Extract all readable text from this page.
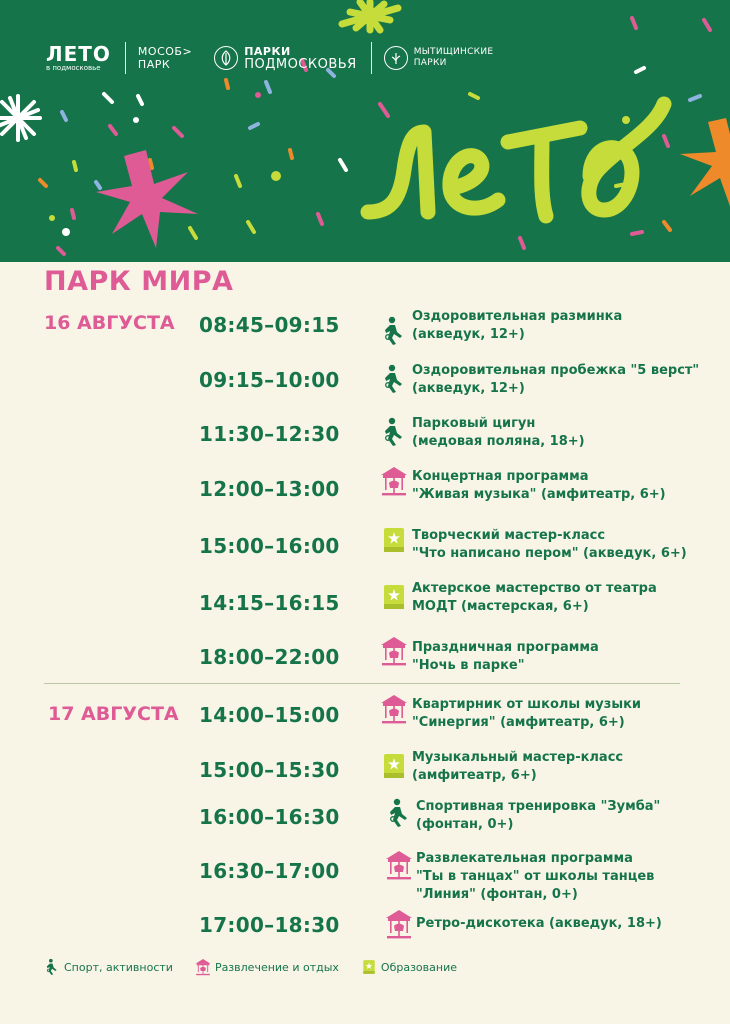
ЛЕТО
в подмосковье
МОСОБ>
ПАРК
ПАРКИ
ПОДМОСКОВЬЯ
МЫТИЩИНСКИЕ
ПАРКИ
ПАРК МИРА
16 АВГУСТА 08:45–09:15	Оздоровительная разминка
(акведук, 12+)
09:15–10:00	Оздоровительная пробежка "5 верст"
(акведук, 12+)
11:30–12:30	Парковый цигун
(медовая поляна, 18+)
12:00–13:00
Концертная программа
"Живая музыка" (амфитеатр, 6+)
15:00–16:00	Творческий мастер-класс
"Что написано пером" (акведук, 6+)
14:15–16:15
Актерское мастерство от театра
МОДТ (мастерская, 6+)
18:00–22:00	Праздничная программа
"Ночь в парке"
17 АВГУСТА 14:00–15:00	Квартирник от школы музыки
"Синергия" (амфитеатр, 6+)
15:00–15:30
Музыкальный мастер-класс
(амфитеатр, 6+)
16:00–16:30	Спортивная тренировка "Зумба"
(фонтан, 0+)
16:30–17:00
Развлекательная программа
"Ты в танцах" от школы танцев
"Линия" (фонтан, 0+)
17:00–18:30	Ретро-дискотека (акведук, 18+)
Спорт, активности	Развлечение и отдых	Образование
